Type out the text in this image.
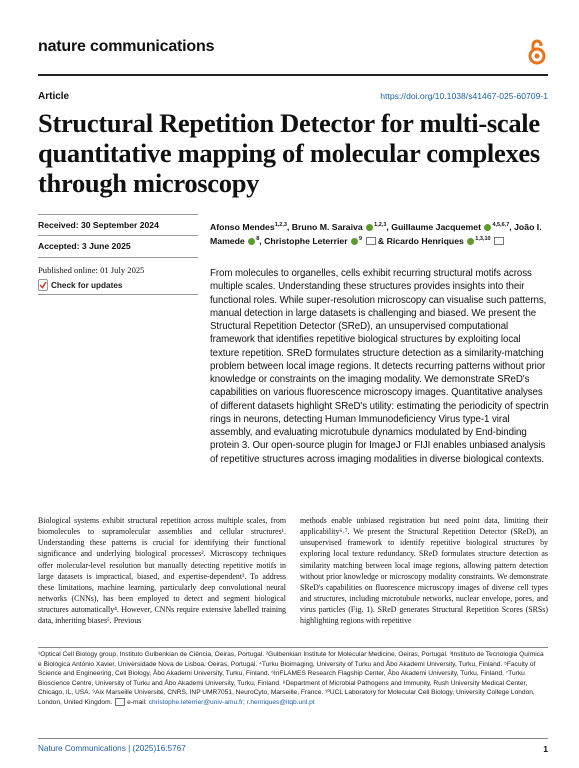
nature communications
Article	https://doi.org/10.1038/s41467-025-60709-1
Structural Repetition Detector for multi-scale quantitative mapping of molecular complexes through microscopy
Received: 30 September 2024
Accepted: 3 June 2025
Published online: 01 July 2025
Check for updates
Afonso Mendes$^{1,2,3}$, Bruno M. Saraiva $^{1,2,3}$, Guillaume Jacquemet $^{4,5,6,7}$, João I. Mamede $^8$, Christophe Leterrier $^9$ & Ricardo Henriques $^{1,3,10}$
From molecules to organelles, cells exhibit recurring structural motifs across multiple scales. Understanding these structures provides insights into their functional roles. While super-resolution microscopy can visualise such patterns, manual detection in large datasets is challenging and biased. We present the Structural Repetition Detector (SReD), an unsupervised computational framework that identifies repetitive biological structures by exploiting local texture repetition. SReD formulates structure detection as a similarity-matching problem between local image regions. It detects recurring patterns without prior knowledge or constraints on the imaging modality. We demonstrate SReD's capabilities on various fluorescence microscopy images. Quantitative analyses of different datasets highlight SReD's utility: estimating the periodicity of spectrin rings in neurons, detecting Human Immunodeficiency Virus type-1 viral assembly, and evaluating microtubule dynamics modulated by End-binding protein 3. Our open-source plugin for ImageJ or FIJI enables unbiased analysis of repetitive structures across imaging modalities in diverse biological contexts.
Biological systems exhibit structural repetition across multiple scales, from biomolecules to supramolecular assemblies and cellular structures¹. Understanding these patterns is crucial for identifying their functional significance and underlying biological processes². Microscopy techniques offer molecular-level resolution but manually detecting repetitive motifs in large datasets is impractical, biased, and expertise-dependent³. To address these limitations, machine learning, particularly deep convolutional neural networks (CNNs), has been employed to detect and segment biological structures automatically⁴. However, CNNs require extensive labelled training data, inheriting biases⁵. Previous
methods enable unbiased registration but need point data, limiting their applicability⁶˒⁷. We present the Structural Repetition Detector (SReD), an unsupervised framework to identify repetitive biological structures by exploring local texture redundancy. SReD formulates structure detection as similarity matching between local image regions, allowing pattern detection without prior knowledge or microscopy modality constraints. We demonstrate SReD's capabilities on fluorescence microscopy images of diverse cell types and structures, including microtubule networks, nuclear envelope, pores, and virus particles (Fig. 1). SReD generates Structural Repetition Scores (SRSs) highlighting regions with repetitive
¹Optical Cell Biology group, Instituto Gulbenkian de Ciência, Oeiras, Portugal. ²Gulbenkian Institute for Molecular Medicine, Oeiras, Portugal. ³Instituto de Tecnologia Química e Biológica António Xavier, Universidade Nova de Lisboa, Oeiras, Portugal. ⁴Turku Bioimaging, University of Turku and Åbo Akademi University, Turku, Finland. ⁵Faculty of Science and Engineering, Cell Biology, Åbo Akademi University, Turku, Finland. ⁶InFLAMES Research Flagship Center, Åbo Akademi University, Turku, Finland. ⁷Turku Bioscience Centre, University of Turku and Åbo Akademi University, Turku, Finland. ⁸Department of Microbial Pathogens and Immunity, Rush University Medical Center, Chicago, IL, USA. ⁹Aix Marseille Université, CNRS, INP UMR7051, NeuroCyto, Marseille, France. ¹⁰UCL Laboratory for Molecular Cell Biology, University College London, London, United Kingdom. e-mail: christophe.leterrier@univ-amu.fr; r.henriques@itqb.unl.pt
Nature Communications | (2025)16:5767	1
